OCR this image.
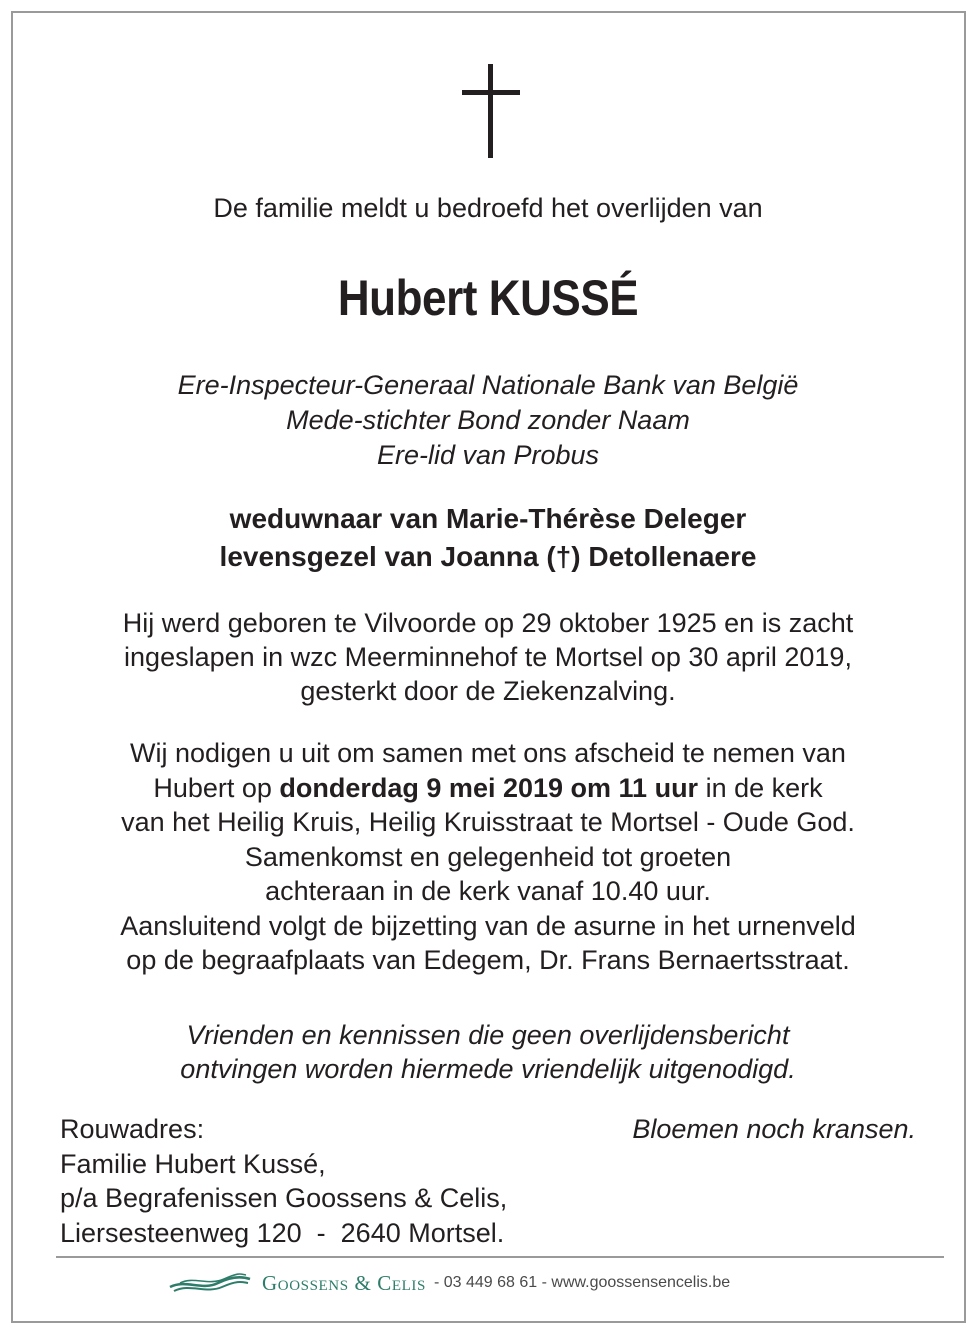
De familie meldt u bedroefd het overlijden van
Hubert KUSSÉ
Ere-Inspecteur-Generaal Nationale Bank van België
Mede-stichter Bond zonder Naam
Ere-lid van Probus
weduwnaar van Marie-Thérèse Deleger
levensgezel van Joanna (†) Detollenaere
Hij werd geboren te Vilvoorde op 29 oktober 1925 en is zacht
ingeslapen in wzc Meerminnehof te Mortsel op 30 april 2019,
gesterkt door de Ziekenzalving.
Wij nodigen u uit om samen met ons afscheid te nemen van
Hubert op donderdag 9 mei 2019 om 11 uur in de kerk
van het Heilig Kruis, Heilig Kruisstraat te Mortsel - Oude God.
Samenkomst en gelegenheid tot groeten
achteraan in de kerk vanaf 10.40 uur.
Aansluitend volgt de bijzetting van de asurne in het urnenveld
op de begraafplaats van Edegem, Dr. Frans Bernaertsstraat.
Vrienden en kennissen die geen overlijdensbericht
ontvingen worden hiermede vriendelijk uitgenodigd.
Rouwadres:
Familie Hubert Kussé,
p/a Begrafenissen Goossens & Celis,
Liersesteenweg 120  -  2640 Mortsel.
Bloemen noch kransen.
Goossens & Celis - 03 449 68 61 - www.goossensencelis.be
